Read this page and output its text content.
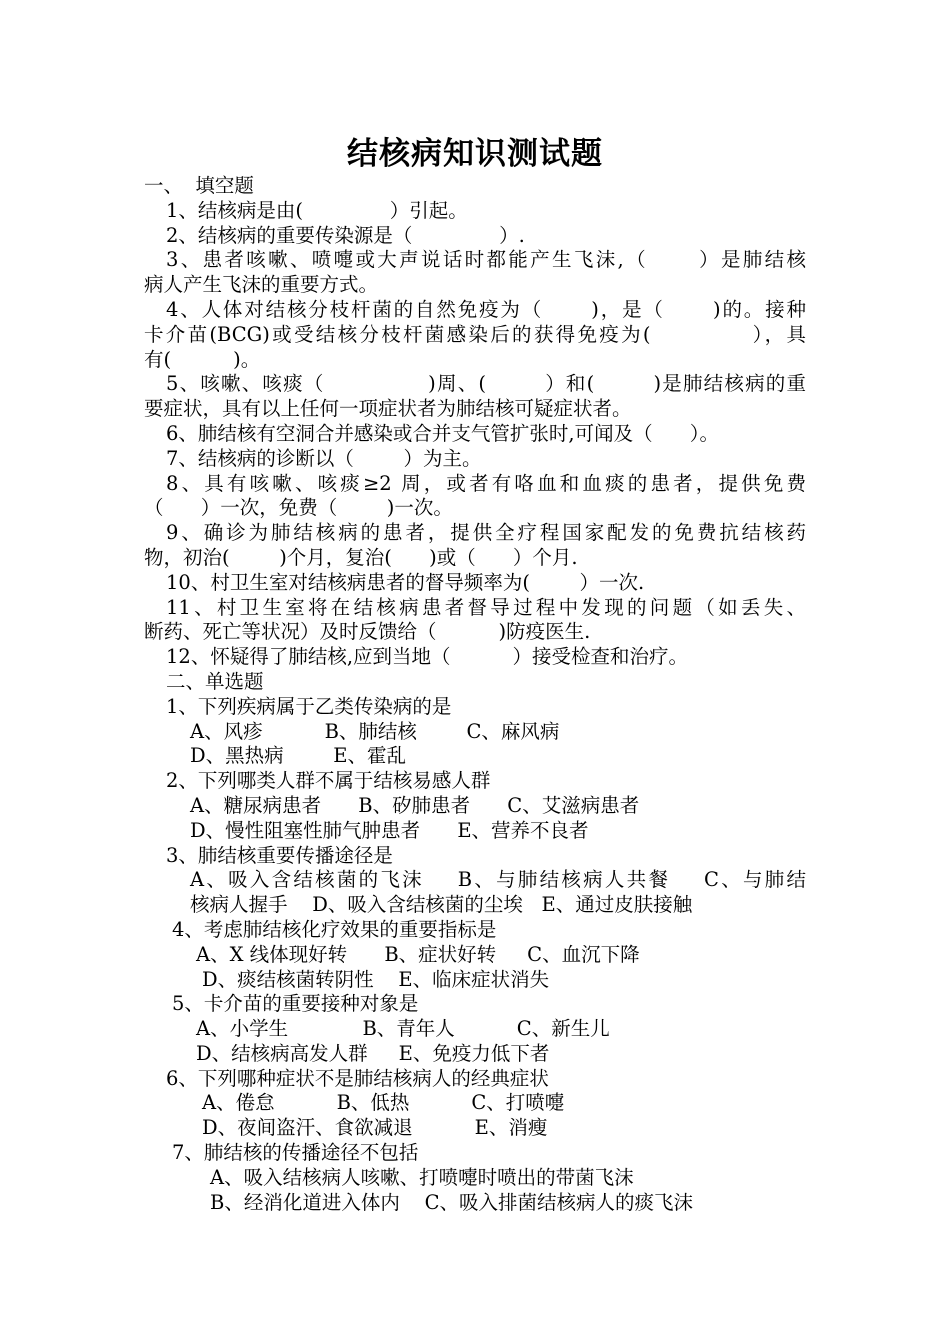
结核病知识测试题
一、  填空题
1、结核病是由(              ）引起。
2、结核病的重要传染源是（              ）.
3、患者咳嗽、喷嚏或大声说话时都能产生飞沫,（      ）是肺结核
病人产生飞沫的重要方式。
4、人体对结核分枝杆菌的自然免疫为（      )，是（      )的。接种
卡介苗(BCG)或受结核分枝杆菌感染后的获得免疫为(            ），具
有(          )。
5、咳嗽、咳痰（              )周、(        ）和(        )是肺结核病的重
要症状，具有以上任何一项症状者为肺结核可疑症状者。
6、肺结核有空洞合并感染或合并支气管扩张时,可闻及（      ）。
7、结核病的诊断以（        ）为主。
8、具有咳嗽、咳痰≥2 周，或者有咯血和血痰的患者，提供免费
（      ）一次，免费（        )一次。
9、确诊为肺结核病的患者，提供全疗程国家配发的免费抗结核药
物，初治(        )个月，复治(      )或（      ）个月.
10、村卫生室对结核病患者的督导频率为(        ）一次.
11、村卫生室将在结核病患者督导过程中发现的问题（如丢失、
断药、死亡等状况）及时反馈给（          )防疫医生.
12、怀疑得了肺结核,应到当地（          ）接受检查和治疗。
二、单选题
1、下列疾病属于乙类传染病的是
A、风疹          B、肺结核        C、麻风病
D、黑热病        E、霍乱
2、下列哪类人群不属于结核易感人群
A、糖尿病患者      B、矽肺患者      C、艾滋病患者
D、慢性阻塞性肺气肿患者      E、营养不良者
3、肺结核重要传播途径是
A、吸入含结核菌的飞沫    B、与肺结核病人共餐    C、与肺结
核病人握手    D、吸入含结核菌的尘埃   E、通过皮肤接触
4、考虑肺结核化疗效果的重要指标是
A、X 线体现好转      B、症状好转     C、血沉下降
D、痰结核菌转阴性    E、临床症状消失
5、卡介苗的重要接种对象是
A、小学生            B、青年人          C、新生儿
D、结核病高发人群     E、免疫力低下者
6、下列哪种症状不是肺结核病人的经典症状
A、倦怠          B、低热          C、打喷嚏
D、夜间盗汗、食欲减退          E、消瘦
7、肺结核的传播途径不包括
A、吸入结核病人咳嗽、打喷嚏时喷出的带菌飞沫
B、经消化道进入体内    C、吸入排菌结核病人的痰飞沫
